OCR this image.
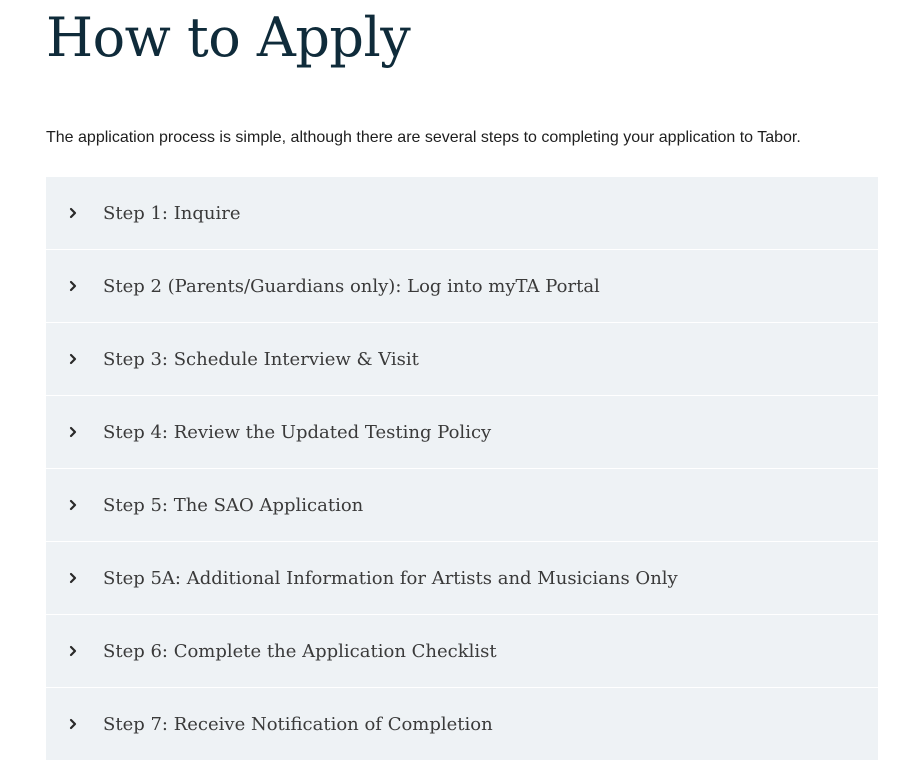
How to Apply

The application process is simple, although there are several steps to completing your application to Tabor.

Step 1: Inquire
Step 2 (Parents/Guardians only): Log into myTA Portal
Step 3: Schedule Interview & Visit
Step 4: Review the Updated Testing Policy
Step 5: The SAO Application
Step 5A: Additional Information for Artists and Musicians Only
Step 6: Complete the Application Checklist
Step 7: Receive Notification of Completion
